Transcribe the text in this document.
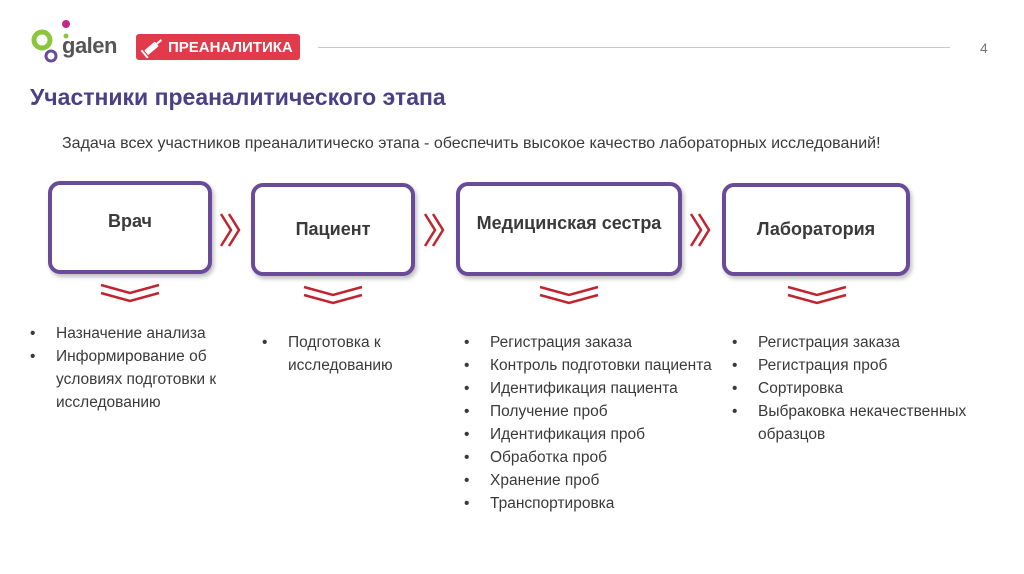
galen	ПРЕАНАЛИТИКА	4
Участники преаналитического этапа
Задача всех участников преаналитическо этапа - обеспечить высокое качество лабораторных исследований!
Врач	Пациент	Медицинская сестра	Лаборатория
• Назначение анализа
• Информирование об условиях подготовки к исследованию
• Подготовка к исследованию
• Регистрация заказа
• Контроль подготовки пациента
• Идентификация пациента
• Получение проб
• Идентификация проб
• Обработка проб
• Хранение проб
• Транспортировка
• Регистрация заказа
• Регистрация проб
• Сортировка
• Выбраковка некачественных образцов
